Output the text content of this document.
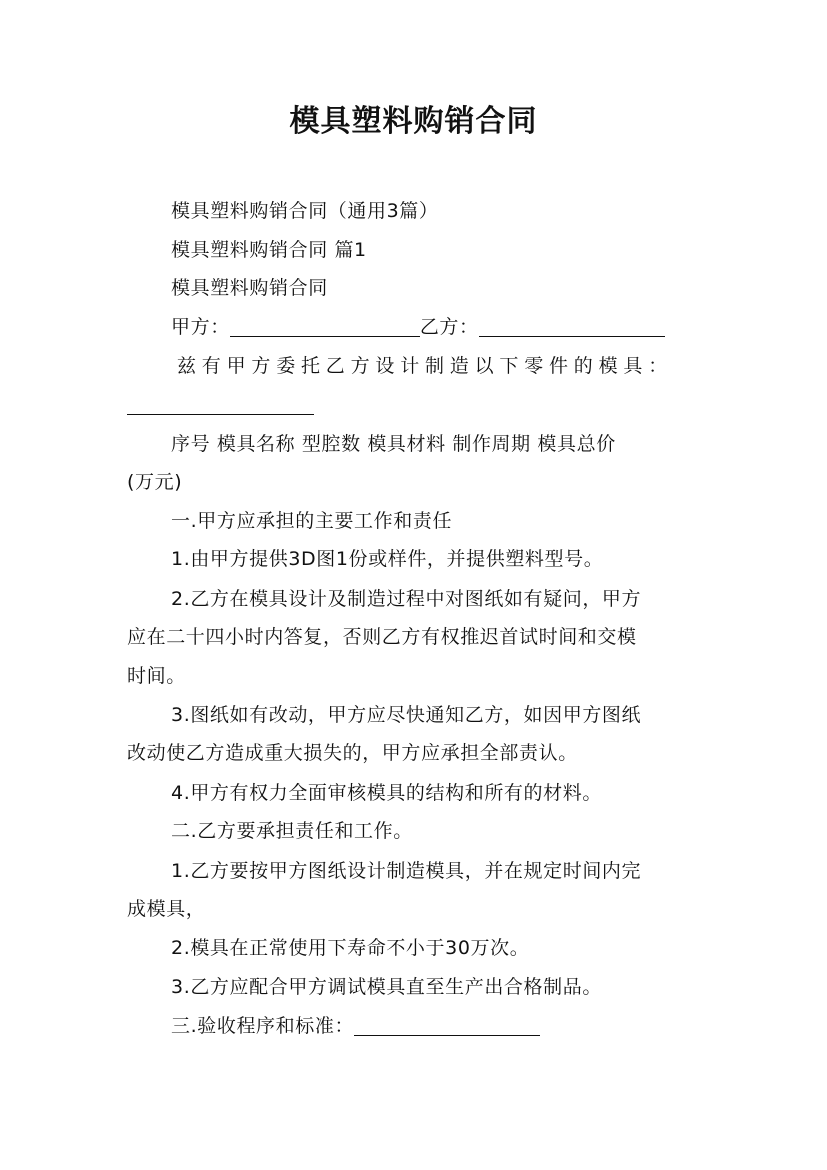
模具塑料购销合同
模具塑料购销合同（通用3篇）
模具塑料购销合同 篇1
模具塑料购销合同
甲方：	乙方：
兹有甲方委托乙方设计制造以下零件的模具：
序号 模具名称 型腔数 模具材料 制作周期 模具总价
(万元)
一.甲方应承担的主要工作和责任
1.由甲方提供3D图1份或样件，并提供塑料型号。
2.乙方在模具设计及制造过程中对图纸如有疑问，甲方
应在二十四小时内答复，否则乙方有权推迟首试时间和交模
时间。
3.图纸如有改动，甲方应尽快通知乙方，如因甲方图纸
改动使乙方造成重大损失的，甲方应承担全部责认。
4.甲方有权力全面审核模具的结构和所有的材料。
二.乙方要承担责任和工作。
1.乙方要按甲方图纸设计制造模具，并在规定时间内完
成模具，
2.模具在正常使用下寿命不小于30万次。
3.乙方应配合甲方调试模具直至生产出合格制品。
三.验收程序和标准：
